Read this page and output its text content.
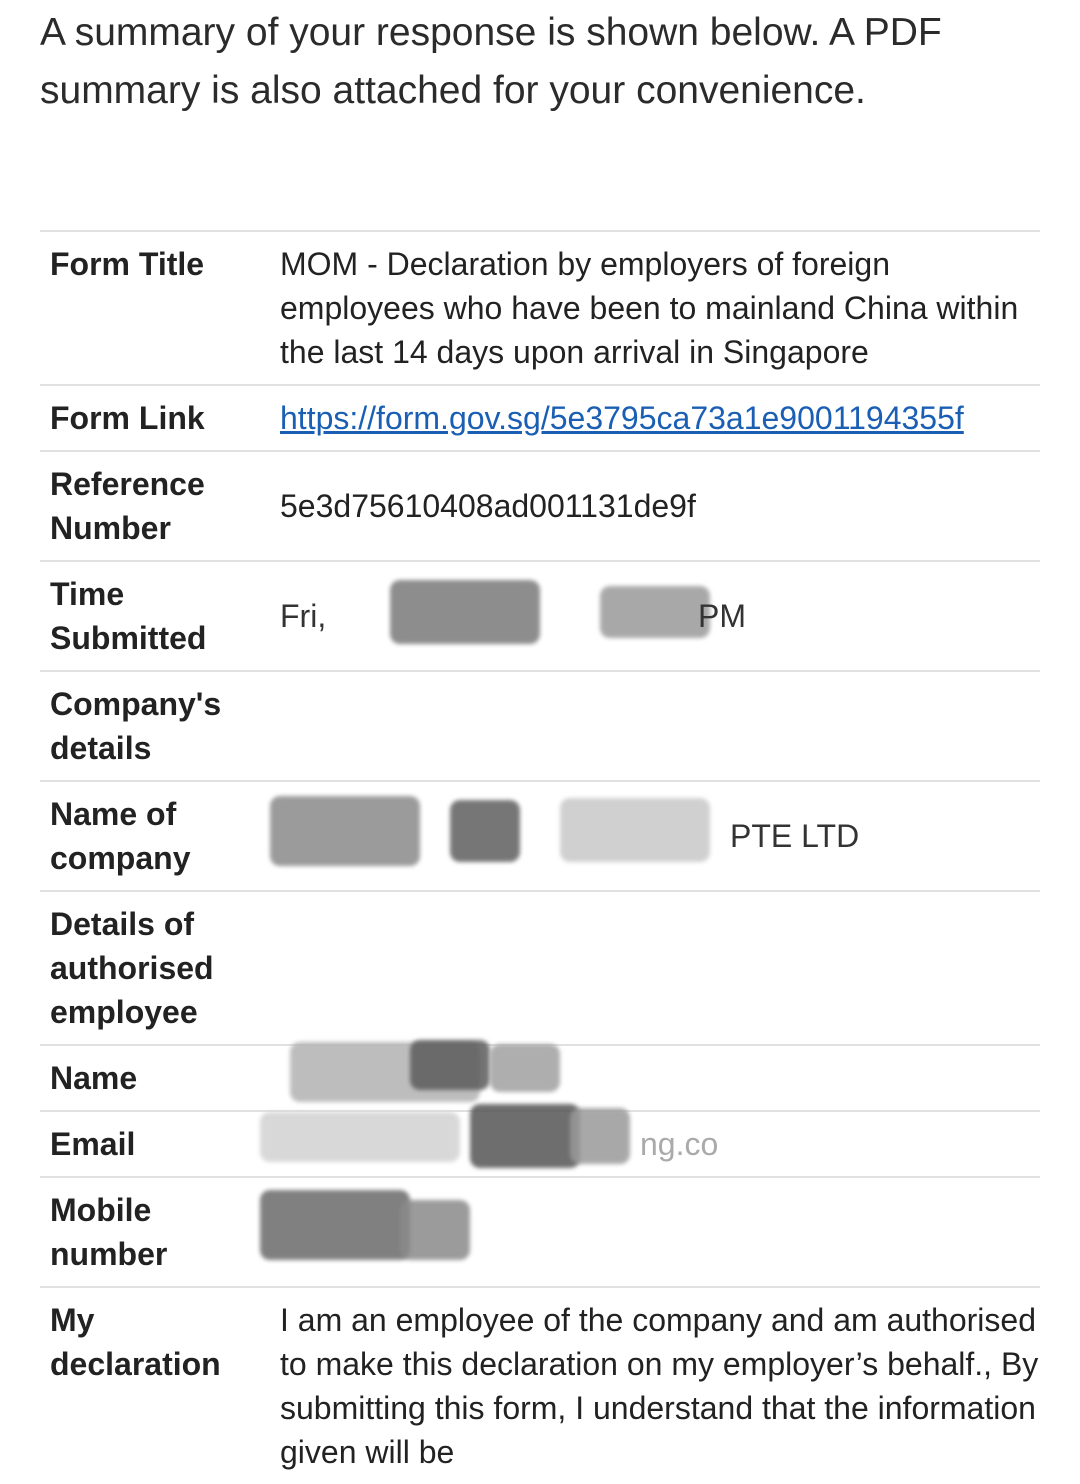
A summary of your response is shown below. A PDF summary is also attached for your convenience.

Form Title	MOM - Declaration by employers of foreign employees who have been to mainland China within the last 14 days upon arrival in Singapore
Form Link	https://form.gov.sg/5e3795ca73a1e9001194355f
Reference Number	5e3d75610408ad001131de9f
Time Submitted	Fri, PM

Company's details	
Name of company	PTE LTD

Details of authorised employee	
Name	

Email	ng.co

Mobile number	

My declaration	I am an employee of the company and am authorised to make this declaration on my employer’s behalf., By submitting this form, I understand that the information given will be
